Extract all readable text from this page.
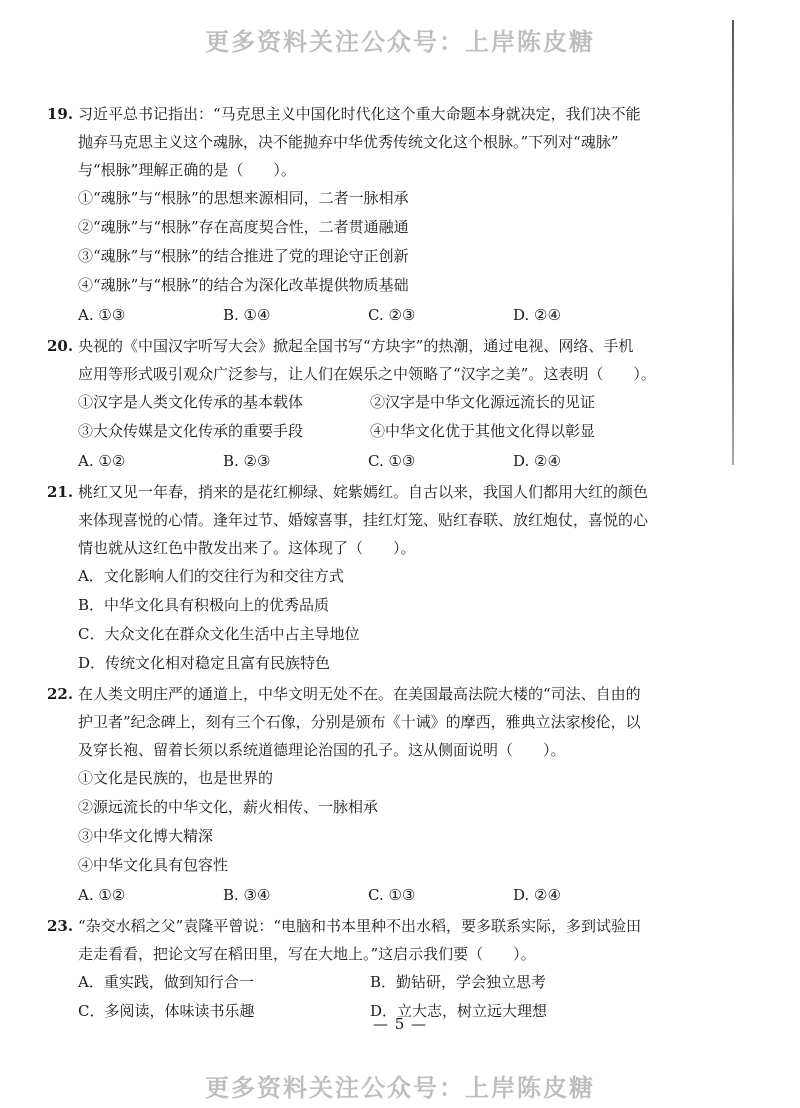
更多资料关注公众号：上岸陈皮糖
19. 习近平总书记指出：“马克思主义中国化时代化这个重大命题本身就决定，我们决不能
抛弃马克思主义这个魂脉，决不能抛弃中华优秀传统文化这个根脉。”下列对“魂脉”
与“根脉”理解正确的是（　　）。
①“魂脉”与“根脉”的思想来源相同，二者一脉相承
②“魂脉”与“根脉”存在高度契合性，二者贯通融通
③“魂脉”与“根脉”的结合推进了党的理论守正创新
④“魂脉”与“根脉”的结合为深化改革提供物质基础
A. ①③	B. ①④	C. ②③	D. ②④
20. 央视的《中国汉字听写大会》掀起全国书写“方块字”的热潮，通过电视、网络、手机
应用等形式吸引观众广泛参与，让人们在娱乐之中领略了“汉字之美”。这表明（　　）。
①汉字是人类文化传承的基本载体	②汉字是中华文化源远流长的见证
③大众传媒是文化传承的重要手段	④中华文化优于其他文化得以彰显
A. ①②	B. ②③	C. ①③	D. ②④
21. 桃红又见一年春，捎来的是花红柳绿、姹紫嫣红。自古以来，我国人们都用大红的颜色
来体现喜悦的心情。逢年过节、婚嫁喜事，挂红灯笼、贴红春联、放红炮仗，喜悦的心
情也就从这红色中散发出来了。这体现了（　　）。
A．文化影响人们的交往行为和交往方式
B．中华文化具有积极向上的优秀品质
C．大众文化在群众文化生活中占主导地位
D．传统文化相对稳定且富有民族特色
22. 在人类文明庄严的通道上，中华文明无处不在。在美国最高法院大楼的“司法、自由的
护卫者”纪念碑上，刻有三个石像，分别是颁布《十诫》的摩西，雅典立法家梭伦，以
及穿长袍、留着长须以系统道德理论治国的孔子。这从侧面说明（　　）。
①文化是民族的，也是世界的
②源远流长的中华文化，薪火相传、一脉相承
③中华文化博大精深
④中华文化具有包容性
A. ①②	B. ③④	C. ①③	D. ②④
23. “杂交水稻之父”袁隆平曾说：“电脑和书本里种不出水稻，要多联系实际，多到试验田
走走看看，把论文写在稻田里，写在大地上。”这启示我们要（　　）。
A．重实践，做到知行合一	B．勤钻研，学会独立思考
C．多阅读，体味读书乐趣	D．立大志，树立远大理想
— 5 —
更多资料关注公众号：上岸陈皮糖
